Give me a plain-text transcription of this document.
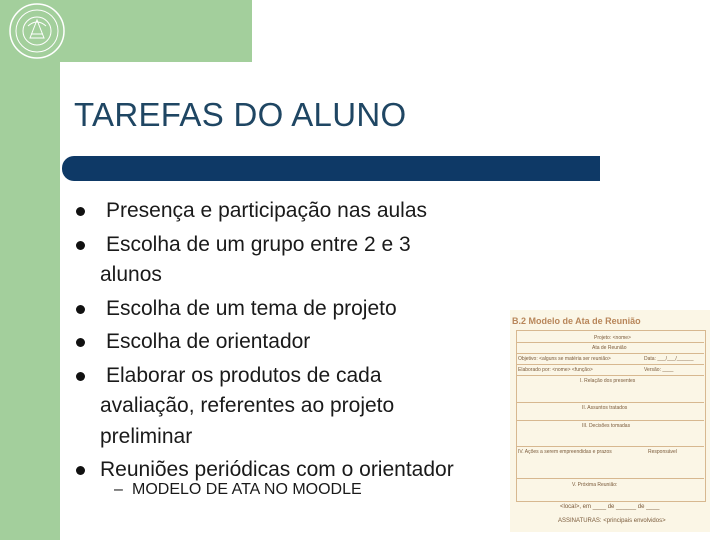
TAREFAS DO ALUNO
Presença e participação nas aulas
Escolha de um grupo entre 2 e 3
alunos
Escolha de um tema de projeto
Escolha de orientador
Elaborar os produtos de cada
avaliação, referentes ao projeto
preliminar
Reuniões periódicas com o orientador
– MODELO DE ATA NO MOODLE
B.2 Modelo de Ata de Reunião
Projeto: <nome>
Ata de Reunião
Objetivo: <alguns se matéria ser reunião>	Data: ___/___/______
Elaborado por: <nome> <função>	Versão: ____
I. Relação dos presentes
II. Assuntos tratados
III. Decisões tomadas
IV. Ações a serem empreendidas e prazos	Responsável
V. Próxima Reunião:
<local>, em ____ de ______ de ____
ASSINATURAS: <principais envolvidos>
